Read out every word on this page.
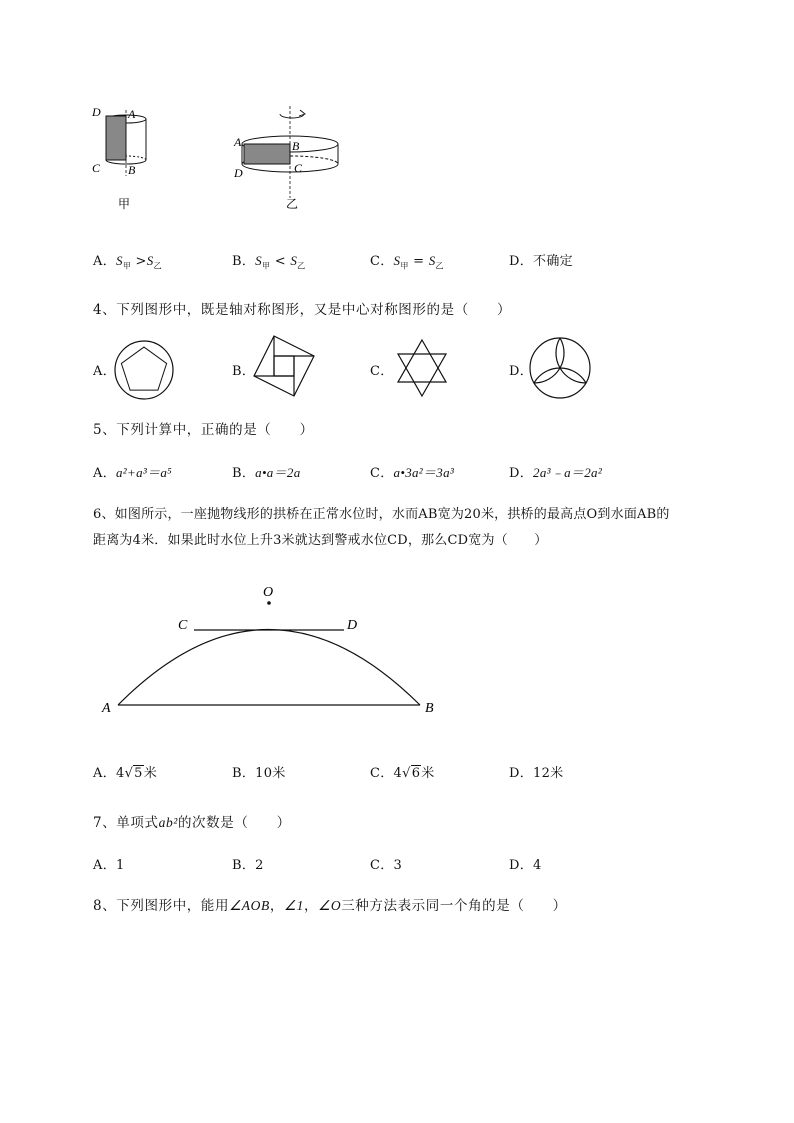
D A
C B
甲
A	B
C
D
乙
A．$S_甲 >S_乙$	B．$S_甲 < S_乙$	C．$S_甲 = S_乙$	D．不确定
4、下列图形中，既是轴对称图形，又是中心对称图形的是（　　）
A．	B．	C．	D．
5、下列计算中，正确的是（　　）
A．a²+a³＝a⁵	B．a•a＝2a	C．a•3a²＝3a³	D．2a³﹣a＝2a²
6、如图所示，一座抛物线形的拱桥在正常水位时，水而AB宽为20米，拱桥的最高点O到水面AB的
距离为4米．如果此时水位上升3米就达到警戒水位CD，那么CD宽为（　　）
O
C	D
A	B
A．4√5米	B．10米	C．4√6米	D．12米
7、单项式ab²的次数是（　　）
A．1	B．2	C．3	D．4
8、下列图形中，能用∠AOB，∠1，∠O三种方法表示同一个角的是（　　）
